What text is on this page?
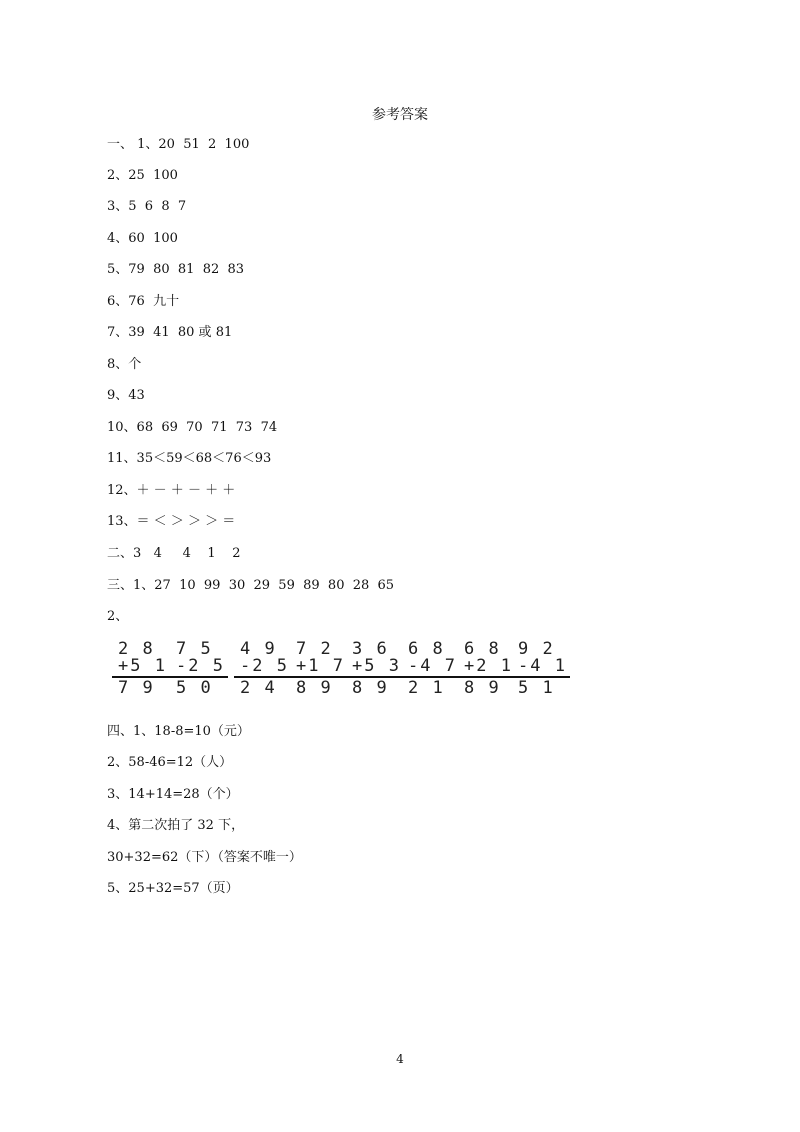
参考答案
一、 1、20  51  2  100
2、25  100
3、5  6  8  7
4、60  100
5、79  80  81  82  83
6、76  九十
7、39  41  80 或 81
8、个
9、43
10、68  69  70  71  73  74
11、35＜59＜68＜76＜93
12、＋ － ＋ － ＋ ＋
13、＝ ＜ ＞ ＞ ＞ ＝
二、3   4     4    1    2
三、1、27  10  99  30  29  59  89  80  28  65
2、
2 8
+5 1
7 9
7 5
-2 5
5 0
4 9
-2 5
2 4
7 2
+1 7
8 9
3 6
+5 3
8 9
6 8
-4 7
2 1
6 8
+2 1
8 9
9 2
-4 1
5 1
四、1、18-8=10（元）
2、58-46=12（人）
3、14+14=28（个）
4、第二次拍了 32 下，
30+32=62（下）（答案不唯一）
5、25+32=57（页）
4
